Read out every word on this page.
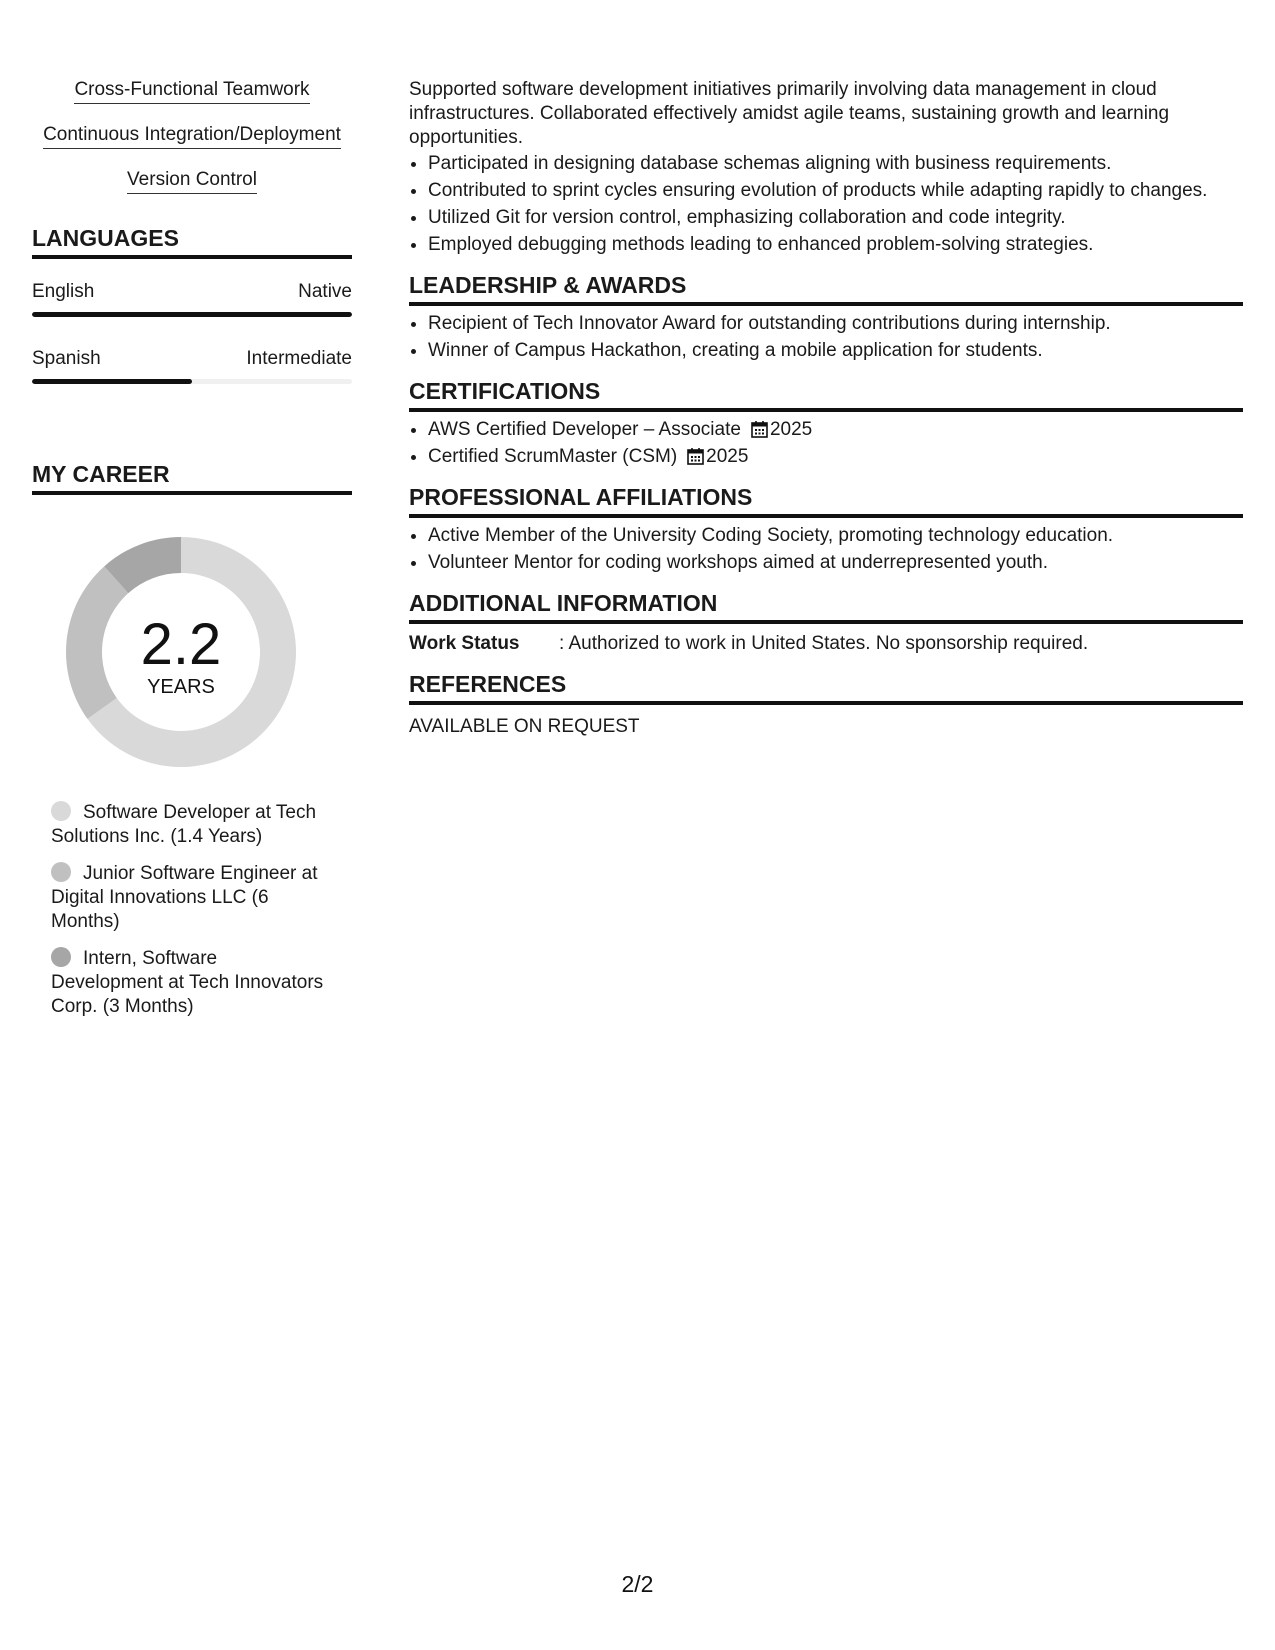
Cross-Functional Teamwork
Continuous Integration/Deployment
Version Control
LANGUAGES
English	Native
Spanish	Intermediate
MY CAREER
2.2
YEARS
Software Developer at Tech Solutions Inc. (1.4 Years)
Junior Software Engineer at Digital Innovations LLC (6 Months)
Intern, Software Development at Tech Innovators Corp. (3 Months)

Supported software development initiatives primarily involving data management in cloud infrastructures. Collaborated effectively amidst agile teams, sustaining growth and learning opportunities.

• Participated in designing database schemas aligning with business requirements.
• Contributed to sprint cycles ensuring evolution of products while adapting rapidly to changes.
• Utilized Git for version control, emphasizing collaboration and code integrity.
• Employed debugging methods leading to enhanced problem-solving strategies.
LEADERSHIP & AWARDS
• Recipient of Tech Innovator Award for outstanding contributions during internship.
• Winner of Campus Hackathon, creating a mobile application for students.
CERTIFICATIONS
• AWS Certified Developer – Associate 2025
• Certified ScrumMaster (CSM) 2025
PROFESSIONAL AFFILIATIONS
• Active Member of the University Coding Society, promoting technology education.
• Volunteer Mentor for coding workshops aimed at underrepresented youth.
ADDITIONAL INFORMATION
Work Status	: Authorized to work in United States. No sponsorship required.
REFERENCES

AVAILABLE ON REQUEST

2/2
